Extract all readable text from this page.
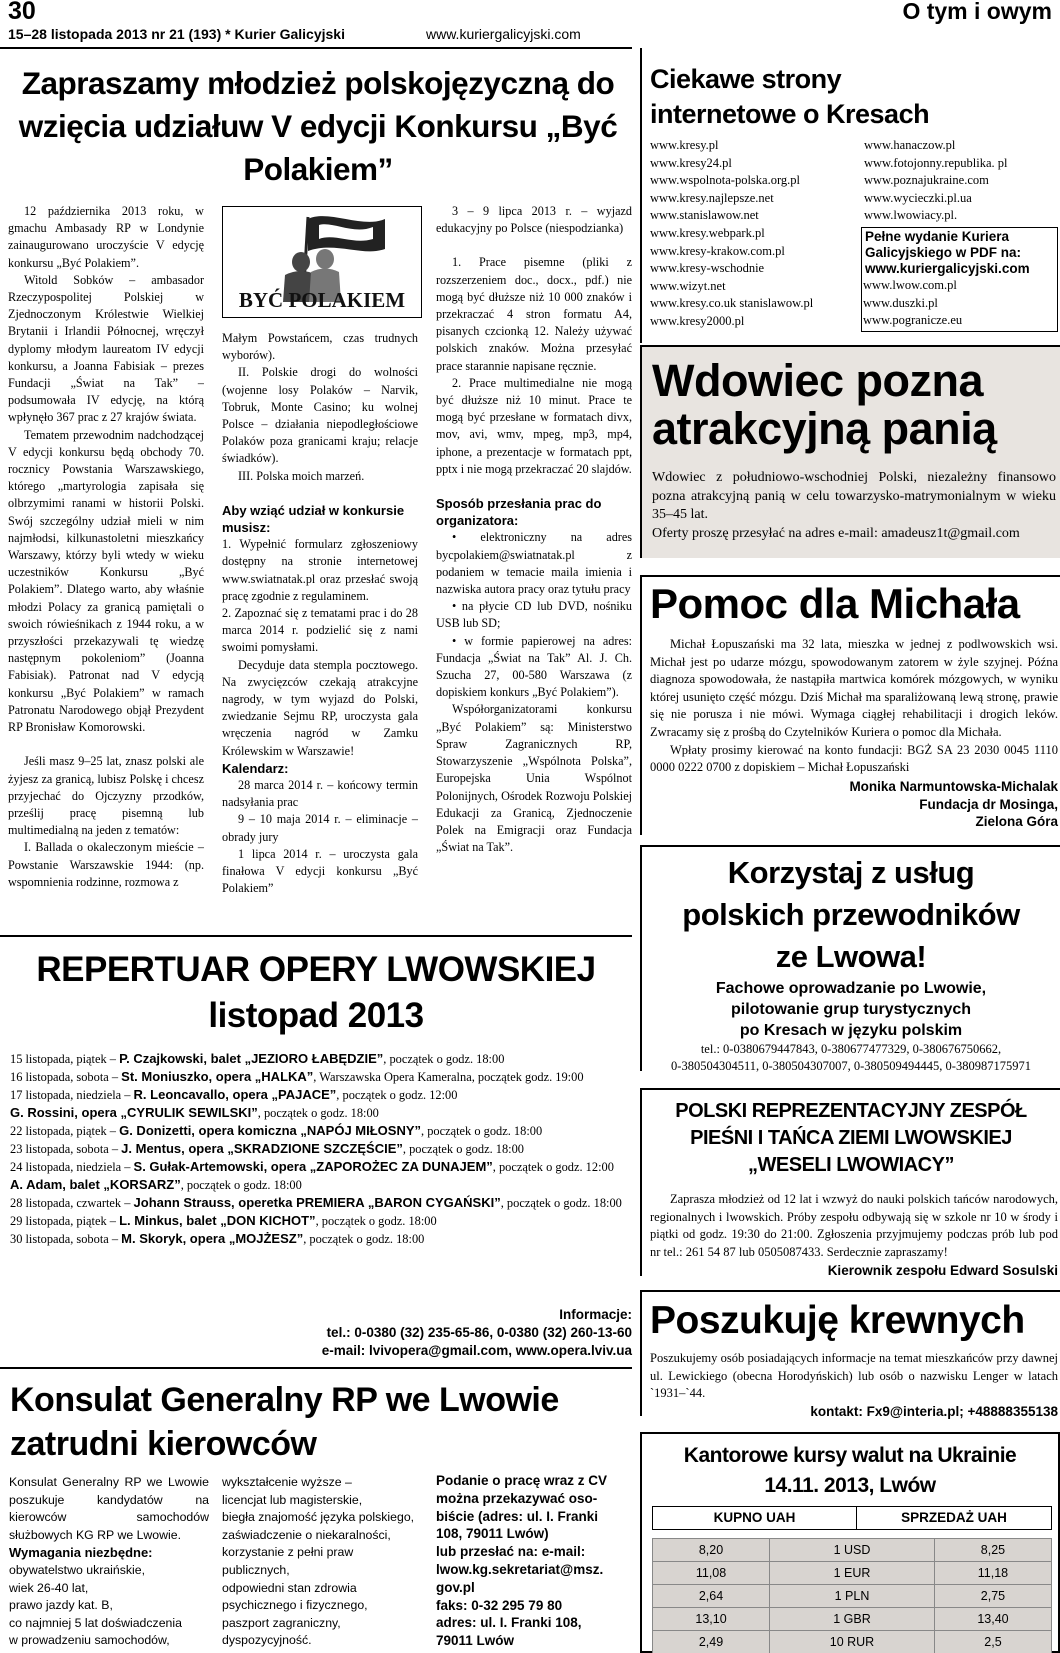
30	O tym i owym
15–28 listopada 2013 nr 21 (193) * Kurier Galicyjski	www.kuriergalicyjski.com
Zapraszamy młodzież polskojęzyczną do wzięcia udziałuw V edycji Konkursu „Być Polakiem”

12 października 2013 roku, w gmachu Ambasady RP w Londynie zainaugurowano uroczyście V edycję konkursu „Być Polakiem”.

Witold Sobków – ambasador Rzeczypospolitej Polskiej w Zjednoczonym Królestwie Wielkiej Brytanii i Irlandii Północnej, wręczył dyplomy młodym laureatom IV edycji konkursu, a Joanna Fabisiak – prezes Fundacji „Świat na Tak” – podsumowała IV edycję, na którą wpłynęło 367 prac z 27 krajów świata.

Tematem przewodnim nadchodzącej V edycji konkursu będą obchody 70. rocznicy Powstania Warszawskiego, którego „martyrologia zapisała się olbrzymimi ranami w historii Polski. Swój szczególny udział mieli w nim najmłodsi, kilkunastoletni mieszkańcy Warszawy, którzy byli wtedy w wieku uczestników Konkursu „Być Polakiem”. Dlatego warto, aby właśnie młodzi Polacy za granicą pamiętali o swoich rówieśnikach z 1944 roku, a w przyszłości przekazywali tę wiedzę następnym pokoleniom” (Joanna Fabisiak). Patronat nad V edycją konkursu „Być Polakiem” w ramach Patronatu Narodowego objął Prezydent RP Bronisław Komorowski.

Jeśli masz 9–25 lat, znasz polski ale żyjesz za granicą, lubisz Polskę i chcesz przyjechać do Ojczyzny przodków, prześlij pracę pisemną lub multimedialną na jeden z tematów:

I. Ballada o okaleczonym mieście – Powstanie Warszawskie 1944: (np. wspomnienia rodzinne, rozmowa z

BYĆ POLAKIEM

Małym Powstańcem, czas trudnych wyborów).

II. Polskie drogi do wolności (wojenne losy Polaków – Narvik, Tobruk, Monte Casino; ku wolnej Polsce – działania niepodległościowe Polaków poza granicami kraju; relacje świadków).

III. Polska moich marzeń.

Aby wziąć udział w konkursie musisz:

1. Wypełnić formularz zgłoszeniowy dostępny na stronie internetowej www.swiatnatak.pl oraz przesłać swoją pracę zgodnie z regulaminem.

2. Zapoznać się z tematami prac i do 28 marca 2014 r. podzielić się z nami swoimi pomysłami.

Decyduje data stempla pocztowego. Na zwycięzców czekają atrakcyjne nagrody, w tym wyjazd do Polski, zwiedzanie Sejmu RP, uroczysta gala wręczenia nagród w Zamku Królewskim w Warszawie!

Kalendarz:

28 marca 2014 r. – końcowy termin nadsyłania prac

9 – 10 maja 2014 r. – eliminacje – obrady jury

1 lipca 2014 r. – uroczysta gala finałowa V edycji konkursu „Być Polakiem”

3 – 9 lipca 2013 r. – wyjazd edukacyjny po Polsce (niespodzianka)

1. Prace pisemne (pliki z rozszerzeniem doc., docx., pdf.) nie mogą być dłuższe niż 10 000 znaków i przekraczać 4 stron formatu A4, pisanych czcionką 12. Należy używać polskich znaków. Można przesyłać prace starannie napisane ręcznie.

2. Prace multimedialne nie mogą być dłuższe niż 10 minut. Prace te mogą być przesłane w formatach divx, mov, avi, wmv, mpeg, mp3, mp4, iphone, a prezentacje w formatach ppt, pptx i nie mogą przekraczać 20 slajdów.

Sposób przesłania prac do organizatora:

• elektroniczny na adres bycpolakiem@swiatnatak.pl z podaniem w temacie maila imienia i nazwiska autora pracy oraz tytułu pracy

• na płycie CD lub DVD, nośniku USB lub SD;

• w formie papierowej na adres: Fundacja „Świat na Tak” Al. J. Ch. Szucha 27, 00-580 Warszawa (z dopiskiem konkurs „Być Polakiem”).

Współorganizatorami konkursu „Być Polakiem” są: Ministerstwo Spraw Zagranicznych RP, Stowarzyszenie „Wspólnota Polska”, Europejska Unia Wspólnot Polonijnych, Ośrodek Rozwoju Polskiej Edukacji za Granicą, Zjednoczenie Polek na Emigracji oraz Fundacja „Świat na Tak”.

REPERTUAR OPERY LWOWSKIEJ
listopad 2013

15 listopada, piątek – P. Czajkowski, balet „JEZIORO ŁABĘDZIE”, początek o godz. 18:00

16 listopada, sobota – St. Moniuszko, opera „HALKA”, Warszawska Opera Kameralna, początek godz. 19:00

17 listopada, niedziela – R. Leoncavallo, opera „PAJACE”, początek o godz. 12:00

G. Rossini, opera „CYRULIK SEWILSKI”, początek o godz. 18:00

22 listopada, piątek – G. Donizetti, opera komiczna „NAPÓJ MIŁOSNY”, początek o godz. 18:00

23 listopada, sobota – J. Mentus, opera „SKRADZIONE SZCZĘŚCIE”, początek o godz. 18:00

24 listopada, niedziela – S. Gułak-Artemowski, opera „ZAPOROŻEC ZA DUNAJEM”, początek o godz. 12:00

A. Adam, balet „KORSARZ”, początek o godz. 18:00

28 listopada, czwartek – Johann Strauss, operetka PREMIERA „BARON CYGAŃSKI”, początek o godz. 18:00

29 listopada, piątek – L. Minkus, balet „DON KICHOT”, początek o godz. 18:00

30 listopada, sobota – M. Skoryk, opera „MOJŻESZ”, początek o godz. 18:00

Informacje:
tel.: 0-0380 (32) 235-65-86, 0-0380 (32) 260-13-60
e-mail: lvivopera@gmail.com, www.opera.lviv.ua
Konsulat Generalny RP we Lwowie
zatrudni kierowców
Konsulat Generalny RP we Lwowie poszukuje kandydatów na kierowców samochodów służbowych KG RP we Lwowie.
Wymagania niezbędne:
obywatelstwo ukraińskie,
wiek 26-40 lat,
prawo jazdy kat. B,
co najmniej 5 lat doświadczenia
w prowadzeniu samochodów,
wykształcenie wyższe –
licencjat lub magisterskie,
biegła znajomość języka polskiego,
zaświadczenie o niekaralności,
korzystanie z pełni praw
publicznych,
odpowiedni stan zdrowia
psychicznego i fizycznego,
paszport zagraniczny,
dyspozycyjność.
Podanie o pracę wraz z CV
można przekazywać oso-
biście (adres: ul. I. Franki
108, 79011 Lwów)
lub przesłać na: e-mail:
lwow.kg.sekretariat@msz.
gov.pl
faks: 0-32 295 79 80
adres: ul. I. Franki 108,
79011 Lwów
Ciekawe strony internetowe o Kresach
www.kresy.pl
www.kresy24.pl
www.wspolnota-polska.org.pl
www.kresy.najlepsze.net
www.stanislawow.net
www.kresy.webpark.pl
www.kresy-krakow.com.pl
www.kresy-wschodnie
www.wizyt.net
www.kresy.co.uk stanislawow.pl
www.kresy2000.pl
www.hanaczow.pl
www.fotojonny.republika. pl
www.poznajukraine.com
www.wycieczki.pl.ua
www.lwowiacy.pl.
Pełne wydanie Kuriera
Galicyjskiego w PDF na:
www.kuriergalicyjski.com
www.lwow.com.pl
www.duszki.pl
www.pogranicze.eu
Wdowiec pozna
atrakcyjną panią
Wdowiec z południowo-wschodniej Polski, niezależny finansowo pozna atrakcyjną panią w celu towarzysko-matrymonialnym w wieku 35–45 lat.
Oferty proszę przesyłać na adres e-mail: amadeusz1t@gmail.com
Pomoc dla Michała

Michał Łopuszański ma 32 lata, mieszka w jednej z podlwowskich wsi. Michał jest po udarze mózgu, spowodowanym zatorem w żyle szyjnej. Późna diagnoza spowodowała, że nastąpiła martwica komórek mózgowych, w wyniku której usunięto część mózgu. Dziś Michał ma sparaliżowaną lewą stronę, prawie się nie porusza i nie mówi. Wymaga ciągłej rehabilitacji i drogich leków. Zwracamy się z prośbą do Czytelników Kuriera o pomoc dla Michała.

Wpłaty prosimy kierować na konto fundacji: BGŻ SA 23 2030 0045 1110 0000 0222 0700 z dopiskiem – Michał Łopuszański

Monika Narmuntowska-Michalak
Fundacja dr Mosinga,
Zielona Góra
Korzystaj z usług
polskich przewodników
ze Lwowa!
Fachowe oprowadzanie po Lwowie,
pilotowanie grup turystycznych
po Kresach w języku polskim
tel.: 0-0380679447843, 0-380677477329, 0-380676750662,
0-380504304511, 0-380504307007, 0-380509494445, 0-380987175971
POLSKI REPREZENTACYJNY ZESPÓŁ
PIEŚNI I TAŃCA ZIEMI LWOWSKIEJ
„WESELI LWOWIACY”
Zaprasza młodzież od 12 lat i wzwyż do nauki polskich tańców narodowych, regionalnych i lwowskich. Próby zespołu odbywają się w szkole nr 10 w środy i piątki od godz. 19:30 do 21:00. Zgłoszenia przyjmujemy podczas prób lub pod nr tel.: 261 54 87 lub 0505087433. Serdecznie zapraszamy!
Kierownik zespołu Edward Sosulski
Poszukuję krewnych
Poszukujemy osób posiadających informacje na temat mieszkańców przy dawnej ul. Lewickiego (obecna Horodyńskich) lub osób o nazwisku Lenger w latach `1931–`44.
kontakt: Fx9@interia.pl; +48888355138
Kantorowe kursy walut na Ukrainie
14.11. 2013, Lwów
KUPNO UAH	SPRZEDAŻ UAH
8,20	1 USD	8,25
11,08	1 EUR	11,18
2,64	1 PLN	2,75
13,10	1 GBR	13,40
2,49	10 RUR	2,5
